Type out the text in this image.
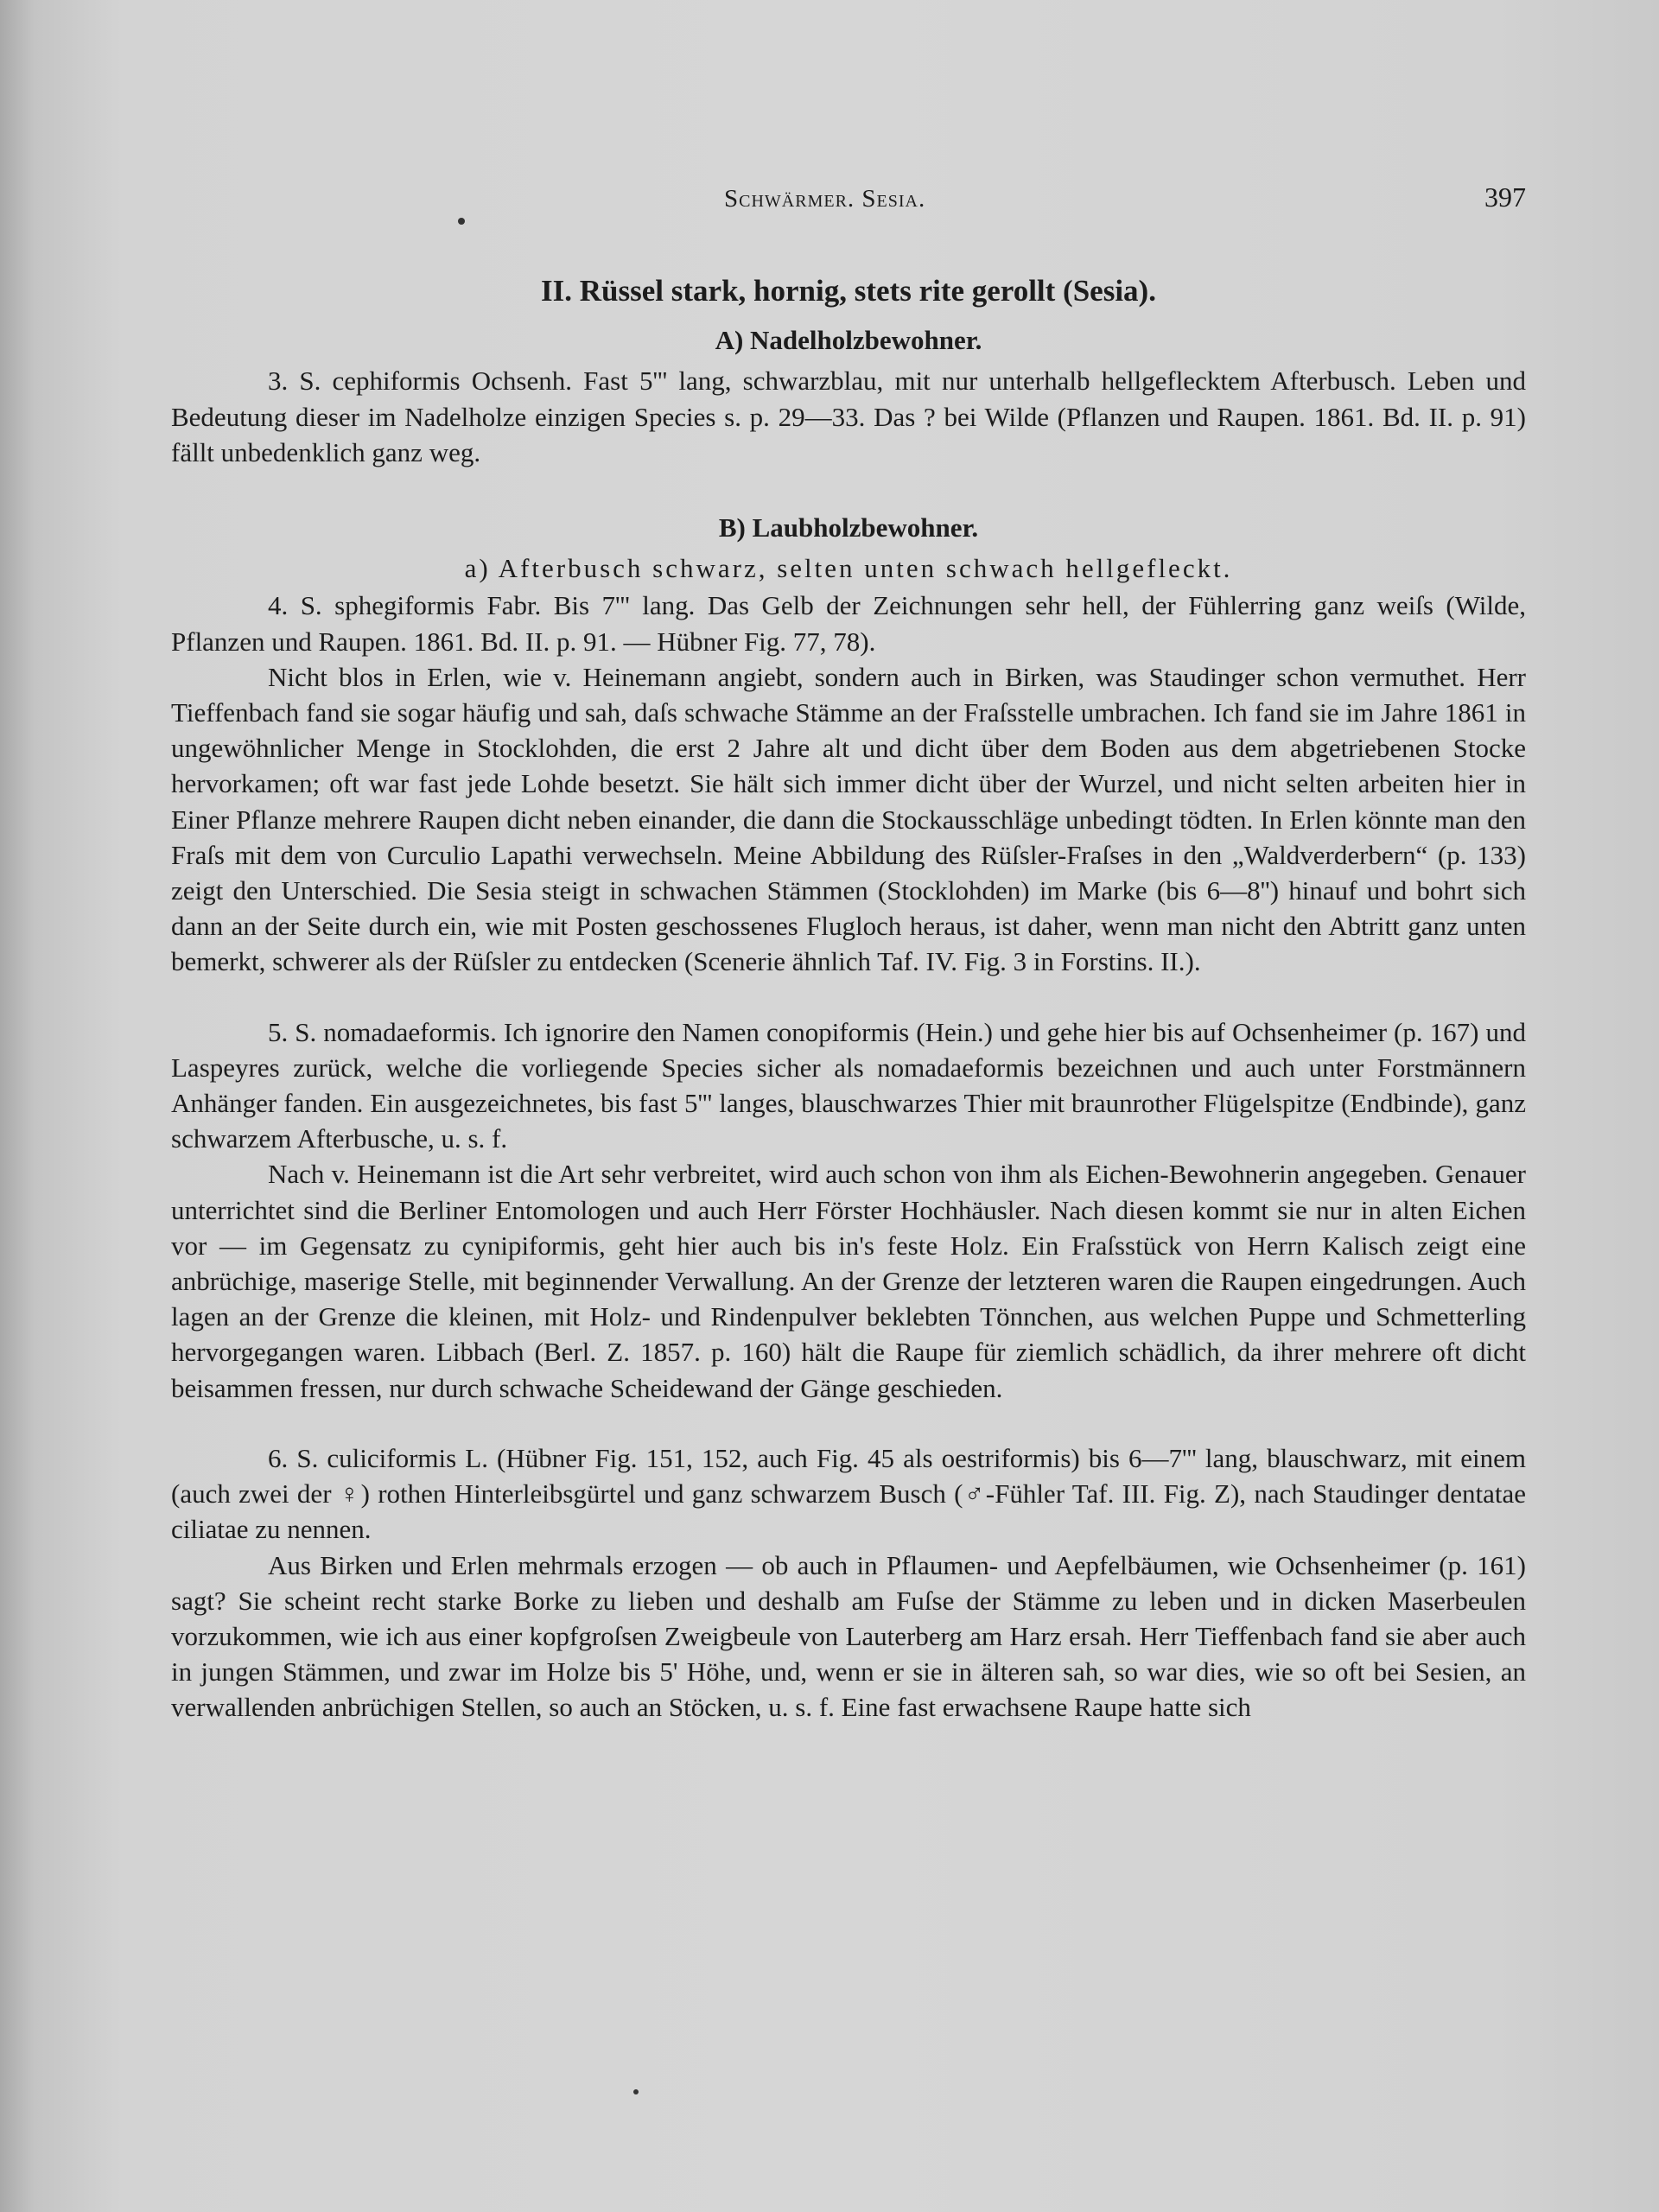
Schwärmer. Sesia.	397
II. Rüssel stark, hornig, stets rite gerollt (Sesia).
A) Nadelholzbewohner.

3. S. cephiformis Ochsenh. Fast 5''' lang, schwarzblau, mit nur unterhalb hellgeflecktem Afterbusch. Leben und Bedeutung dieser im Nadelholze einzigen Species s. p. 29—33. Das ? bei Wilde (Pflanzen und Raupen. 1861. Bd. II. p. 91) fällt unbedenklich ganz weg.

B) Laubholzbewohner.
a) Afterbusch schwarz, selten unten schwach hellgefleckt.

4. S. sphegiformis Fabr. Bis 7''' lang. Das Gelb der Zeichnungen sehr hell, der Fühlerring ganz weiſs (Wilde, Pflanzen und Raupen. 1861. Bd. II. p. 91. — Hübner Fig. 77, 78).

Nicht blos in Erlen, wie v. Heinemann angiebt, sondern auch in Birken, was Staudinger schon vermuthet. Herr Tieffenbach fand sie sogar häufig und sah, daſs schwache Stämme an der Fraſsstelle umbrachen. Ich fand sie im Jahre 1861 in ungewöhnlicher Menge in Stocklohden, die erst 2 Jahre alt und dicht über dem Boden aus dem abgetriebenen Stocke hervorkamen; oft war fast jede Lohde besetzt. Sie hält sich immer dicht über der Wurzel, und nicht selten arbeiten hier in Einer Pflanze mehrere Raupen dicht neben einander, die dann die Stockausschläge unbedingt tödten. In Erlen könnte man den Fraſs mit dem von Curculio Lapathi verwechseln. Meine Abbildung des Rüſsler-Fraſses in den „Waldverderbern“ (p. 133) zeigt den Unterschied. Die Sesia steigt in schwachen Stämmen (Stocklohden) im Marke (bis 6—8'') hinauf und bohrt sich dann an der Seite durch ein, wie mit Posten geschossenes Flugloch heraus, ist daher, wenn man nicht den Abtritt ganz unten bemerkt, schwerer als der Rüſsler zu entdecken (Scenerie ähnlich Taf. IV. Fig. 3 in Forstins. II.).

5. S. nomadaeformis. Ich ignorire den Namen conopiformis (Hein.) und gehe hier bis auf Ochsenheimer (p. 167) und Laspeyres zurück, welche die vorliegende Species sicher als nomadaeformis bezeichnen und auch unter Forstmännern Anhänger fanden. Ein ausgezeichnetes, bis fast 5''' langes, blauschwarzes Thier mit braunrother Flügelspitze (Endbinde), ganz schwarzem Afterbusche, u. s. f.

Nach v. Heinemann ist die Art sehr verbreitet, wird auch schon von ihm als Eichen-Bewohnerin angegeben. Genauer unterrichtet sind die Berliner Entomologen und auch Herr Förster Hochhäusler. Nach diesen kommt sie nur in alten Eichen vor — im Gegensatz zu cynipiformis, geht hier auch bis in's feste Holz. Ein Fraſsstück von Herrn Kalisch zeigt eine anbrüchige, maserige Stelle, mit beginnender Verwallung. An der Grenze der letzteren waren die Raupen eingedrungen. Auch lagen an der Grenze die kleinen, mit Holz- und Rindenpulver beklebten Tönnchen, aus welchen Puppe und Schmetterling hervorgegangen waren. Libbach (Berl. Z. 1857. p. 160) hält die Raupe für ziemlich schädlich, da ihrer mehrere oft dicht beisammen fressen, nur durch schwache Scheidewand der Gänge geschieden.

6. S. culiciformis L. (Hübner Fig. 151, 152, auch Fig. 45 als oestriformis) bis 6—7''' lang, blauschwarz, mit einem (auch zwei der ♀) rothen Hinterleibsgürtel und ganz schwarzem Busch (♂-Fühler Taf. III. Fig. Z), nach Staudinger dentatae ciliatae zu nennen.

Aus Birken und Erlen mehrmals erzogen — ob auch in Pflaumen- und Aepfelbäumen, wie Ochsenheimer (p. 161) sagt? Sie scheint recht starke Borke zu lieben und deshalb am Fuſse der Stämme zu leben und in dicken Maserbeulen vorzukommen, wie ich aus einer kopfgroſsen Zweigbeule von Lauterberg am Harz ersah. Herr Tieffenbach fand sie aber auch in jungen Stämmen, und zwar im Holze bis 5' Höhe, und, wenn er sie in älteren sah, so war dies, wie so oft bei Sesien, an verwallenden anbrüchigen Stellen, so auch an Stöcken, u. s. f. Eine fast erwachsene Raupe hatte sich
